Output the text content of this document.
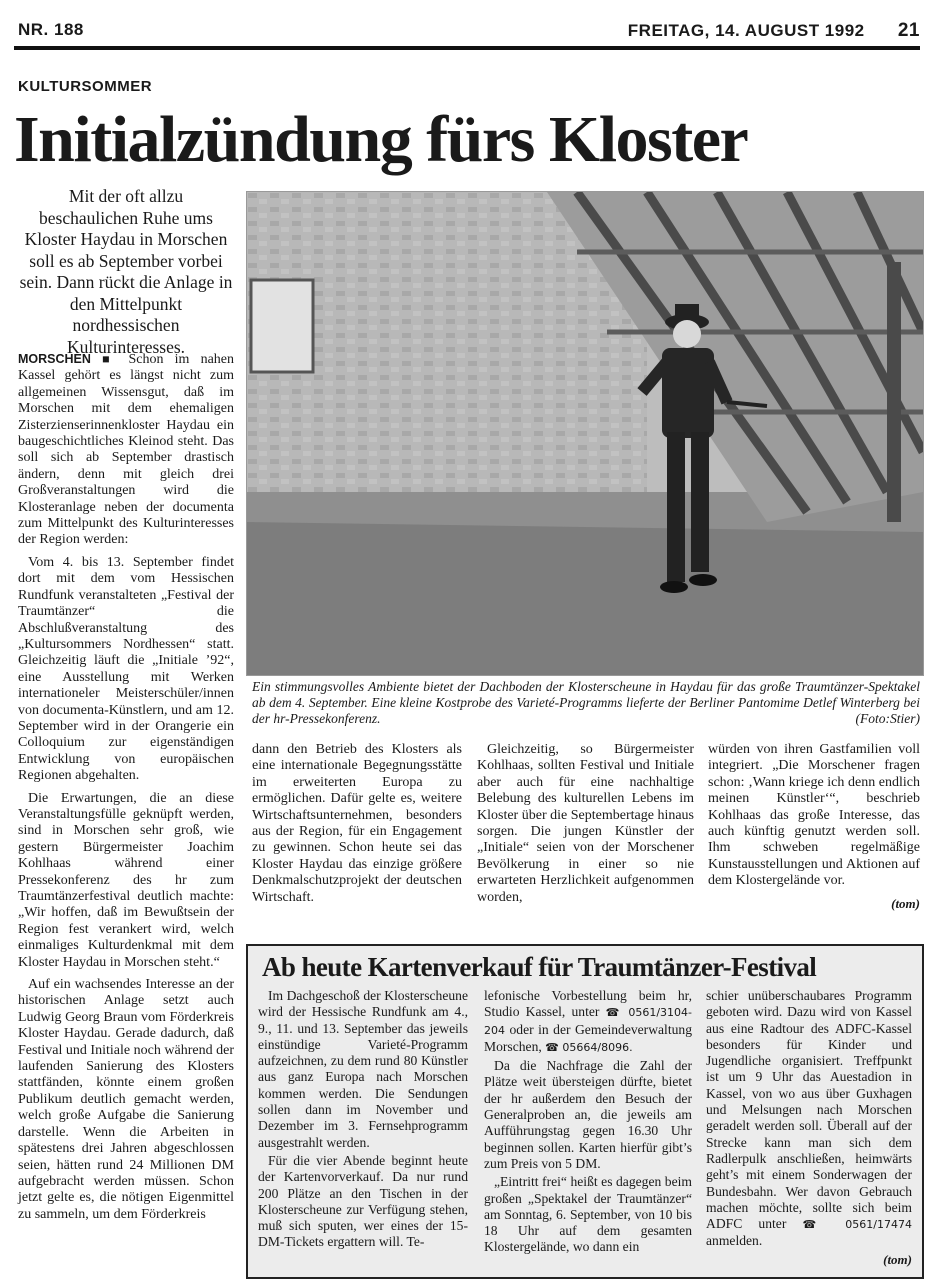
NR. 188	FREITAG, 14. AUGUST 1992 21
KULTURSOMMER
Initialzündung fürs Kloster
Mit der oft allzu beschaulichen Ruhe ums Kloster Haydau in Morschen soll es ab September vorbei sein. Dann rückt die Anlage in den Mittelpunkt nordhessischen Kulturinteresses.

MORSCHEN ■ Schon im nahen Kassel gehört es längst nicht zum allgemeinen Wissensgut, daß im Morschen mit dem ehemaligen Zisterzienserinnenkloster Haydau ein baugeschichtliches Kleinod steht. Das soll sich ab September drastisch ändern, denn mit gleich drei Großveranstaltungen wird die Klosteranlage neben der documenta zum Mittelpunkt des Kulturinteresses der Region werden:

Vom 4. bis 13. September findet dort mit dem vom Hessischen Rundfunk veranstalteten „Festival der Traumtänzer“ die Abschlußveranstaltung des „Kultursommers Nordhessen“ statt. Gleichzeitig läuft die „Initiale ’92“, eine Ausstellung mit Werken internationeler Meisterschüler/innen von documenta-Künstlern, und am 12. September wird in der Orangerie ein Colloquium zur eigenständigen Entwicklung von europäischen Regionen abgehalten.

Die Erwartungen, die an diese Veranstaltungsfülle geknüpft werden, sind in Morschen sehr groß, wie gestern Bürgermeister Joachim Kohlhaas während einer Pressekonferenz des hr zum Traumtänzerfestival deutlich machte: „Wir hoffen, daß im Bewußtsein der Region fest verankert wird, welch einmaliges Kulturdenkmal mit dem Kloster Haydau in Morschen steht.“

Auf ein wachsendes Interesse an der historischen Anlage setzt auch Ludwig Georg Braun vom Förderkreis Kloster Haydau. Gerade dadurch, daß Festival und Initiale noch während der laufenden Sanierung des Klosters stattfänden, könnte einem großen Publikum deutlich gemacht werden, welch große Aufgabe die Sanierung darstelle. Wenn die Arbeiten in spätestens drei Jahren abgeschlossen seien, hätten rund 24 Millionen DM aufgebracht werden müssen. Schon jetzt gelte es, die nötigen Eigenmittel zu sammeln, um dem Förderkreis

Ein stimmungsvolles Ambiente bietet der Dachboden der Klosterscheune in Haydau für das große Traumtänzer-Spektakel ab dem 4. September. Eine kleine Kostprobe des Varieté-Programms lieferte der Berliner Pantomime Detlef Winterberg bei der hr-Pressekonferenz.	(Foto:Stier)

dann den Betrieb des Klosters als eine internationale Begegnungsstätte im erweiterten Europa zu ermöglichen. Dafür gelte es, weitere Wirtschaftsunternehmen, besonders aus der Region, für ein Engagement zu gewinnen. Schon heute sei das Kloster Haydau das einzige größere Denkmalschutzprojekt der deutschen Wirtschaft.

Gleichzeitig, so Bürgermeister Kohlhaas, sollten Festival und Initiale aber auch für eine nachhaltige Belebung des kulturellen Lebens im Kloster über die Septembertage hinaus sorgen. Die jungen Künstler der „Initiale“ seien von der Morschener Bevölkerung in einer so nie erwarteten Herzlichkeit aufgenommen worden,

würden von ihren Gastfamilien voll integriert. „Die Morschener fragen schon: ‚Wann kriege ich denn endlich meinen Künstler‘“, beschrieb Kohlhaas das große Interesse, das auch künftig genutzt werden soll. Ihm schweben regelmäßige Kunstausstellungen und Aktionen auf dem Klostergelände vor.

(tom)
Ab heute Kartenverkauf für Traumtänzer-Festival

Im Dachgeschoß der Klosterscheune wird der Hessische Rundfunk am 4., 9., 11. und 13. September das jeweils einstündige Varieté-Programm aufzeichnen, zu dem rund 80 Künstler aus ganz Europa nach Morschen kommen werden. Die Sendungen sollen dann im November und Dezember im 3. Fernsehprogramm ausgestrahlt werden.

Für die vier Abende beginnt heute der Kartenvorverkauf. Da nur rund 200 Plätze an den Tischen in der Klosterscheune zur Verfügung stehen, muß sich sputen, wer eines der 15-DM-Tickets ergattern will. Te-

lefonische Vorbestellung beim hr, Studio Kassel, unter ☎ 0561/3104-204 oder in der Gemeindeverwaltung Morschen, ☎ 05664/8096.

Da die Nachfrage die Zahl der Plätze weit übersteigen dürfte, bietet der hr außerdem den Besuch der Generalproben an, die jeweils am Aufführungstag gegen 16.30 Uhr beginnen sollen. Karten hierfür gibt’s zum Preis von 5 DM.

„Eintritt frei“ heißt es dagegen beim großen „Spektakel der Traumtänzer“ am Sonntag, 6. September, von 10 bis 18 Uhr auf dem gesamten Klostergelände, wo dann ein

schier unüberschaubares Programm geboten wird. Dazu wird von Kassel aus eine Radtour des ADFC-Kassel besonders für Kinder und Jugendliche organisiert. Treffpunkt ist um 9 Uhr das Auestadion in Kassel, von wo aus über Guxhagen und Melsungen nach Morschen geradelt werden soll. Überall auf der Strecke kann man sich dem Radlerpulk anschließen, heimwärts geht’s mit einem Sonderwagen der Bundesbahn. Wer davon Gebrauch machen möchte, sollte sich beim ADFC unter ☎ 0561/17474 anmelden.

(tom)
